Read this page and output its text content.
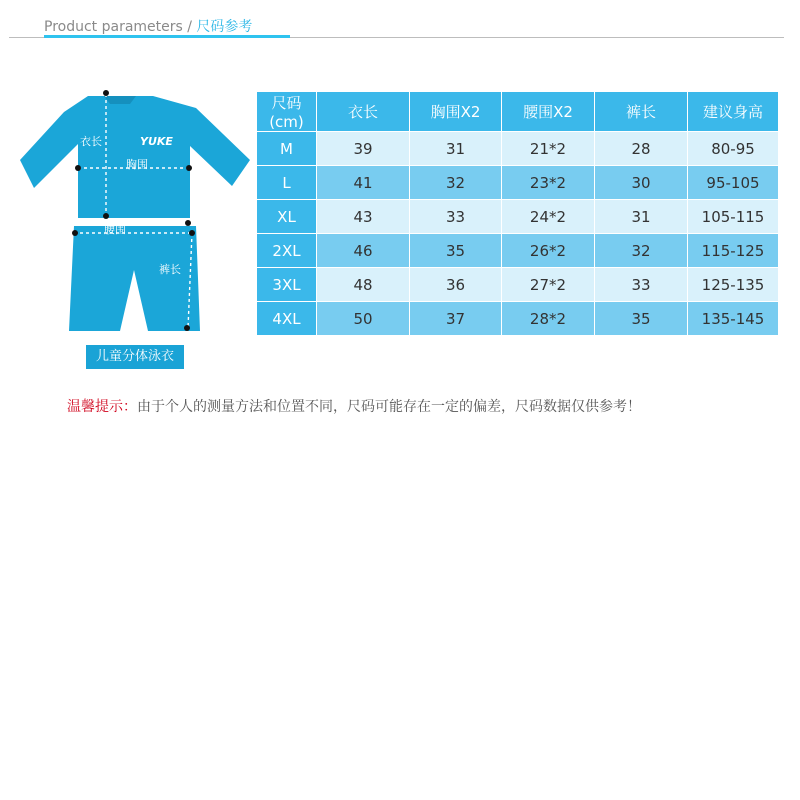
Product parameters / 尺码参考
YUKE
衣长
胸围
腰围
裤长
儿童分体泳衣
尺码(cm)	衣长	胸围X2	腰围X2	裤长	建议身高
M	39	31	21*2	28	80-95
L	41	32	23*2	30	95-105
XL	43	33	24*2	31	105-115
2XL	46	35	26*2	32	115-125
3XL	48	36	27*2	33	125-135
4XL	50	37	28*2	35	135-145
温馨提示：由于个人的测量方法和位置不同，尺码可能存在一定的偏差，尺码数据仅供参考！
